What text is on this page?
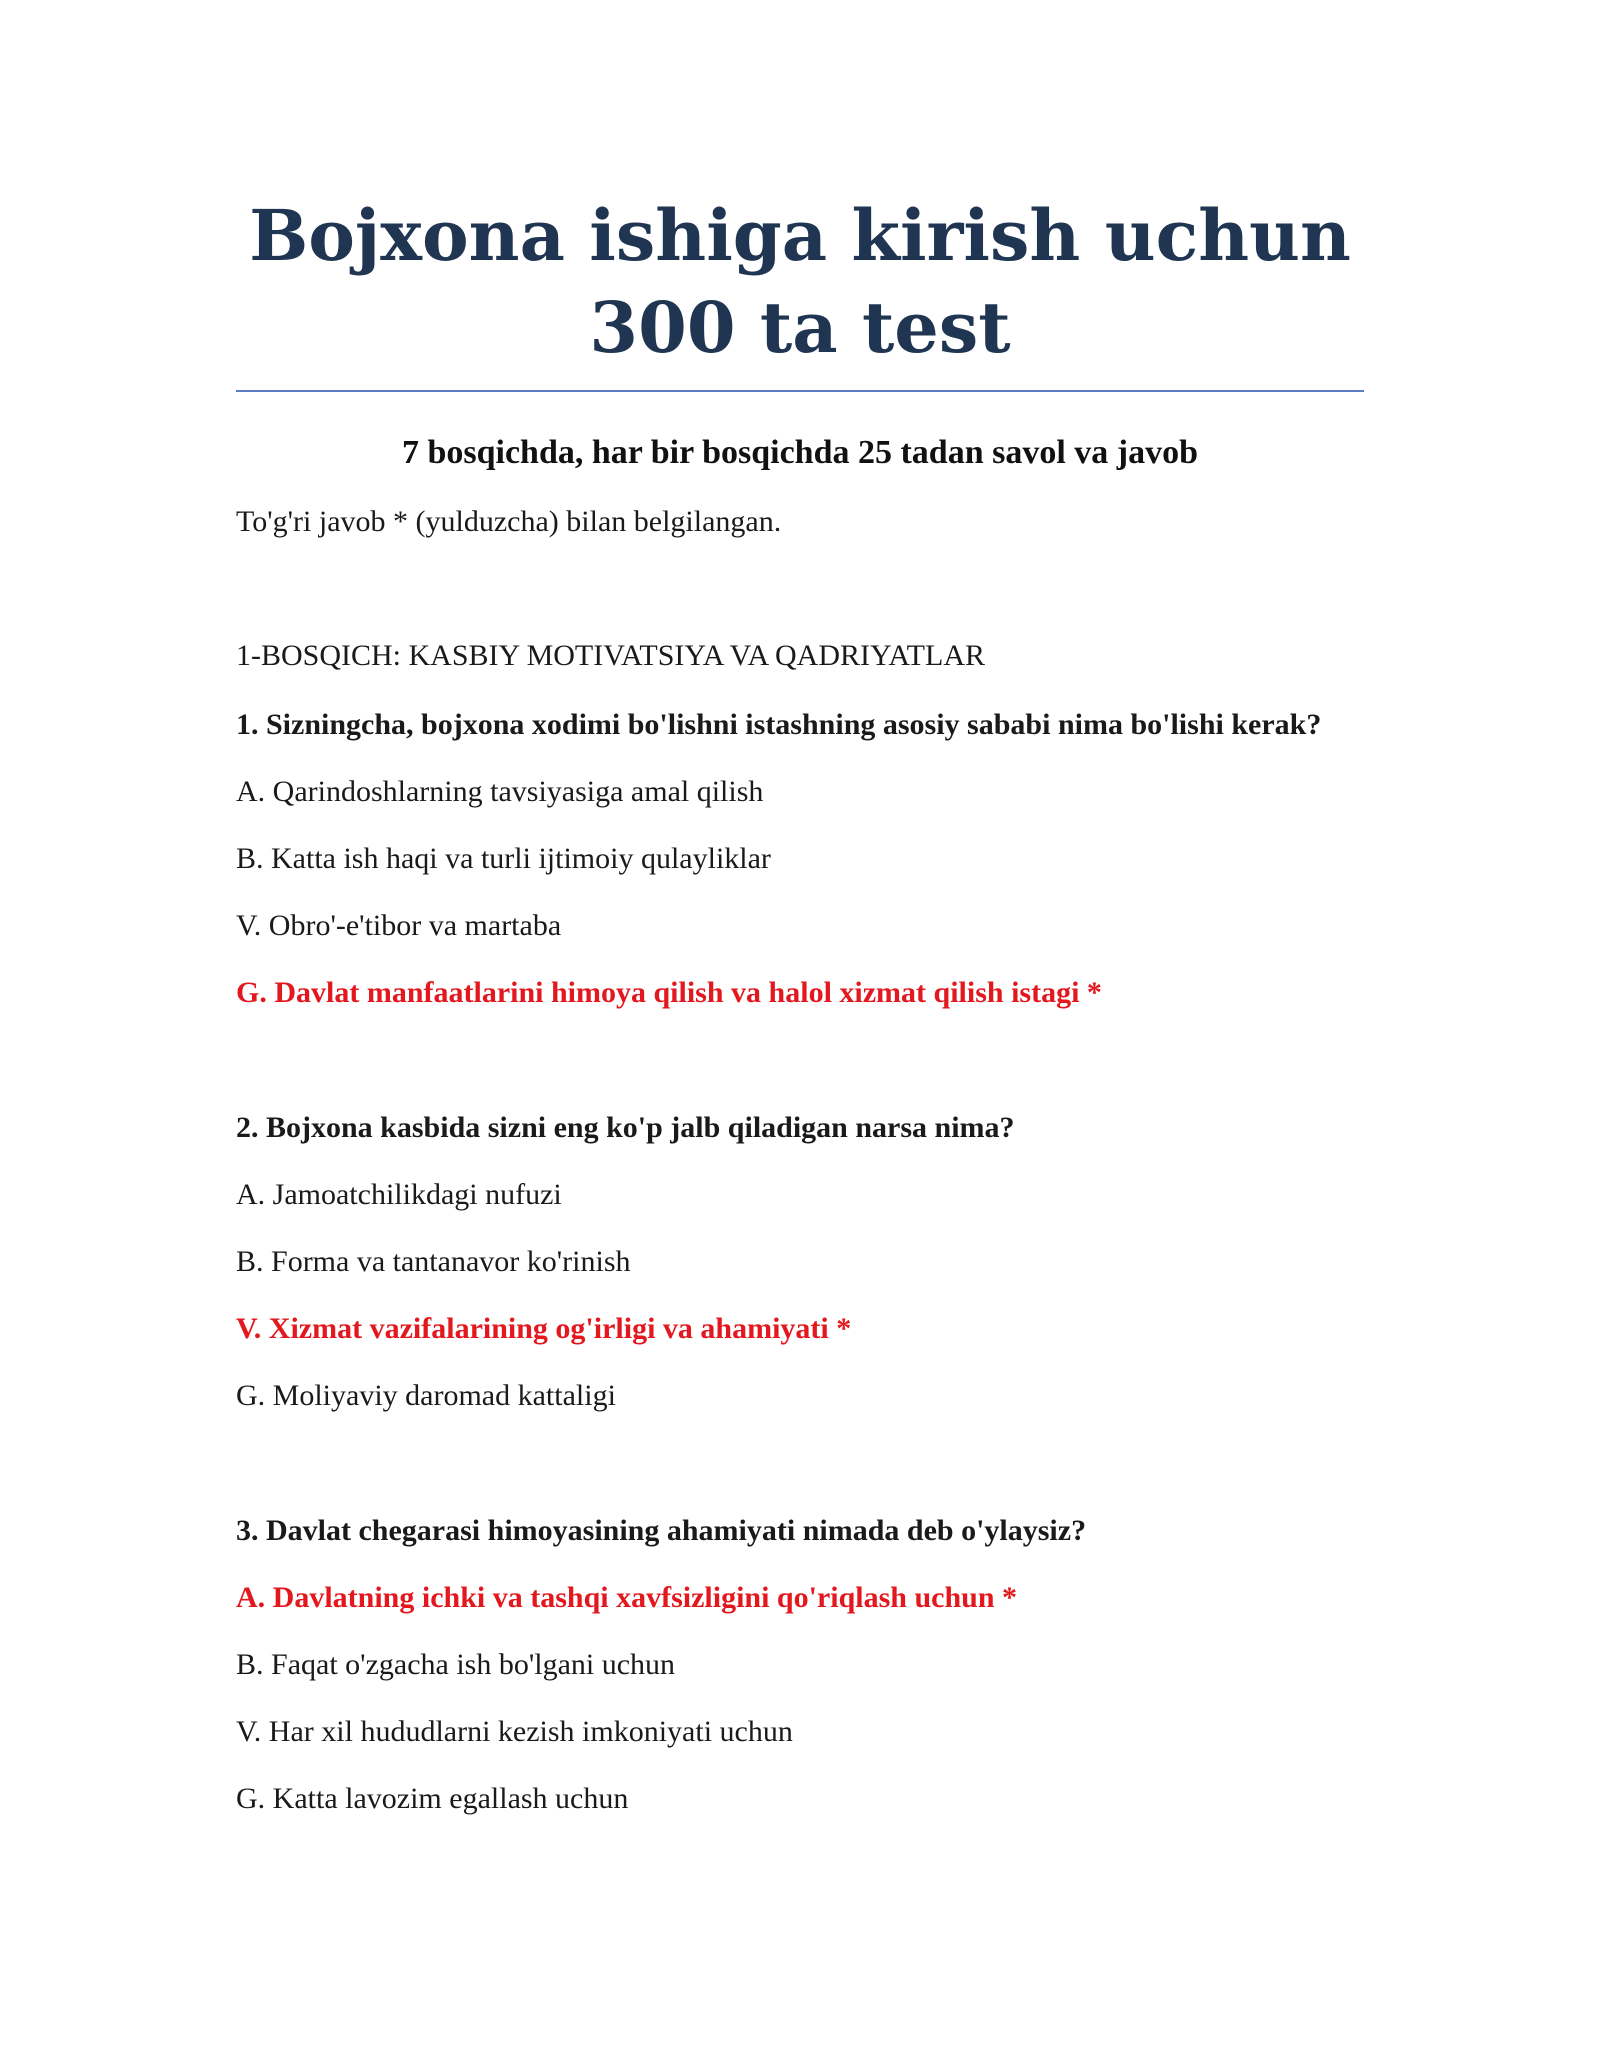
Bojxona ishiga kirish uchun 300 ta test
7 bosqichda, har bir bosqichda 25 tadan savol va javob

To'g'ri javob * (yulduzcha) bilan belgilangan.

1-BOSQICH: KASBIY MOTIVATSIYA VA QADRIYATLAR

1. Sizningcha, bojxona xodimi bo'lishni istashning asosiy sababi nima bo'lishi kerak?

A. Qarindoshlarning tavsiyasiga amal qilish

B. Katta ish haqi va turli ijtimoiy qulayliklar

V. Obro'-e'tibor va martaba

G. Davlat manfaatlarini himoya qilish va halol xizmat qilish istagi *

2. Bojxona kasbida sizni eng ko'p jalb qiladigan narsa nima?

A. Jamoatchilikdagi nufuzi

B. Forma va tantanavor ko'rinish

V. Xizmat vazifalarining og'irligi va ahamiyati *

G. Moliyaviy daromad kattaligi

3. Davlat chegarasi himoyasining ahamiyati nimada deb o'ylaysiz?

A. Davlatning ichki va tashqi xavfsizligini qo'riqlash uchun *

B. Faqat o'zgacha ish bo'lgani uchun

V. Har xil hududlarni kezish imkoniyati uchun

G. Katta lavozim egallash uchun
